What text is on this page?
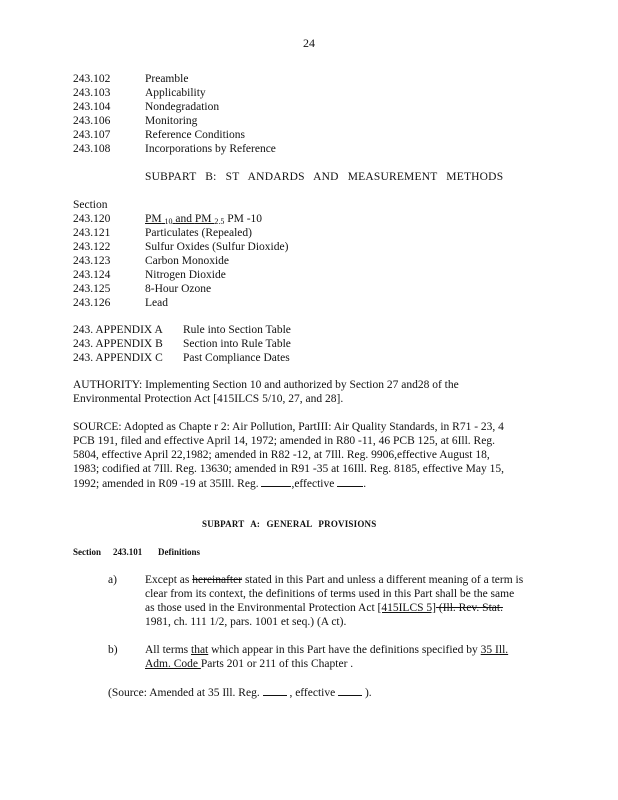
24
243.102	Preamble
243.103	Applicability
243.104	Nondegradation
243.106	Monitoring
243.107	Reference Conditions
243.108	Incorporations by Reference
SUBPART B: ST ANDARDS AND MEASUREMENT METHODS
Section
243.120	PM 10 and PM 2.5 PM -10
243.121	Particulates (Repealed)
243.122	Sulfur Oxides (Sulfur Dioxide)
243.123	Carbon Monoxide
243.124	Nitrogen Dioxide
243.125	8-Hour Ozone
243.126	Lead
243. APPENDIX A Rule into Section Table
243. APPENDIX B Section into Rule Table
243. APPENDIX C Past Compliance Dates
AUTHORITY: Implementing Section 10 and authorized by Section 27 and28 of the
Environmental Protection Act [415ILCS 5/10, 27, and 28].
SOURCE: Adopted as Chapte r 2: Air Pollution, PartIII: Air Quality Standards, in R71 - 23, 4
PCB 191, filed and effective April 14, 1972; amended in R80 -11, 46 PCB 125, at 6Ill. Reg.
5804, effective April 22,1982; amended in R82 -12, at 7Ill. Reg. 9906,effective August 18,
1983; codified at 7Ill. Reg. 13630; amended in R91 -35 at 16Ill. Reg. 8185, effective May 15,
1992; amended in R09 -19 at 35Ill. Reg.	,effective	.
SUBPART A: GENERAL PROVISIONS
Section 243.101 Definitions
a) Except as hereinafter stated in this Part and unless a different meaning of a term is
clear from its context, the definitions of terms used in this Part shall be the same
as those used in the Environmental Protection Act [415ILCS 5] (Ill. Rev. Stat.
1981, ch. 111 1/2, pars. 1001 et seq.) (A ct).
b) All terms that which appear in this Part have the definitions specified by 35 Ill.
Adm. Code Parts 201 or 211 of this Chapter .
(Source: Amended at 35 Ill. Reg.	, effective	).
